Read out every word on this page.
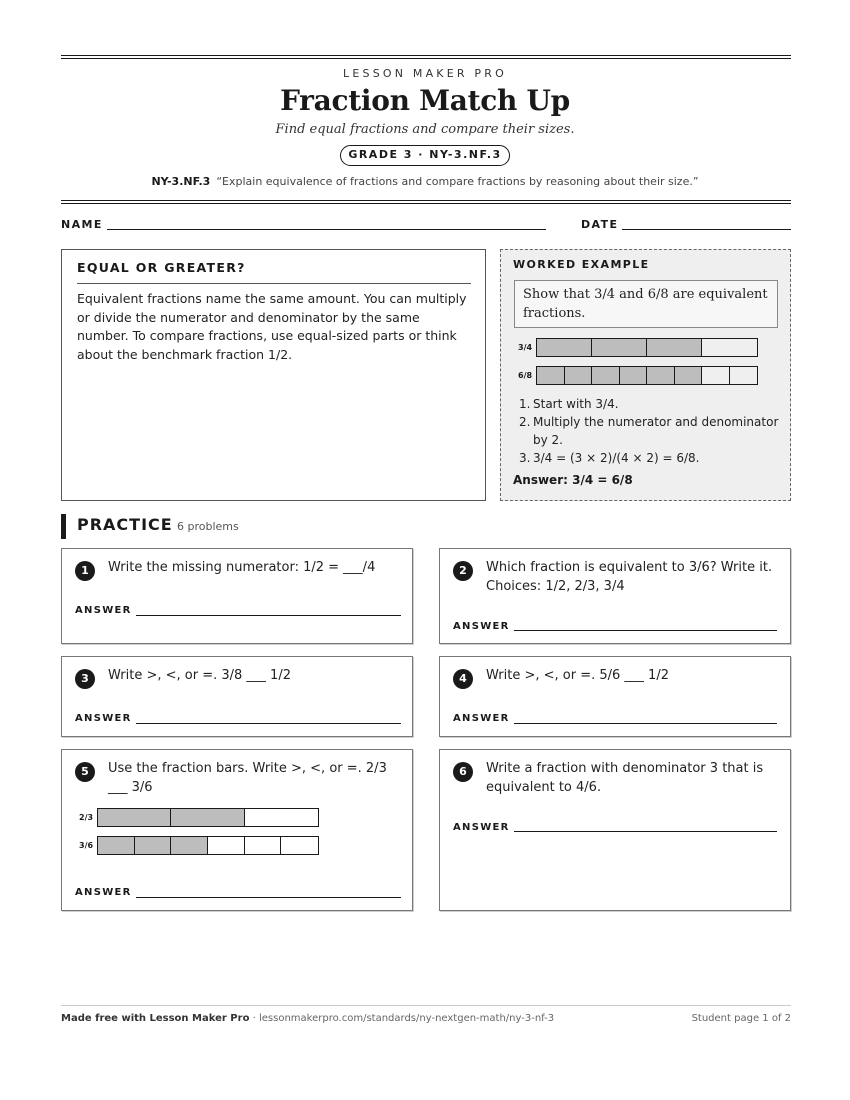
LESSON MAKER PRO
Fraction Match Up
Find equal fractions and compare their sizes.
GRADE 3 · NY-3.NF.3
NY-3.NF.3 “Explain equivalence of fractions and compare fractions by reasoning about their size.”
NAME	DATE
EQUAL OR GREATER?
Equivalent fractions name the same amount. You can multiply or divide the numerator and denominator by the same number. To compare fractions, use equal-sized parts or think about the benchmark fraction 1/2.
WORKED EXAMPLE
Show that 3/4 and 6/8 are equivalent fractions.
3/4
6/8
1. Start with 3/4.
2. Multiply the numerator and denominator by 2.
3. 3/4 = (3 × 2)/(4 × 2) = 6/8.
Answer: 3/4 = 6/8
PRACTICE 6 problems
1	Write the missing numerator: 1/2 = ___/4
ANSWER
2	Which fraction is equivalent to 3/6? Write it. Choices: 1/2, 2/3, 3/4
ANSWER
3	Write >, <, or =. 3/8 ___ 1/2
ANSWER
4	Write >, <, or =. 5/6 ___ 1/2
ANSWER
5	Use the fraction bars. Write >, <, or =. 2/3 ___ 3/6
2/3
3/6
ANSWER
6	Write a fraction with denominator 3 that is equivalent to 4/6.
ANSWER
Made free with Lesson Maker Pro · lessonmakerpro.com/standards/ny-nextgen-math/ny-3-nf-3	Student page 1 of 2
